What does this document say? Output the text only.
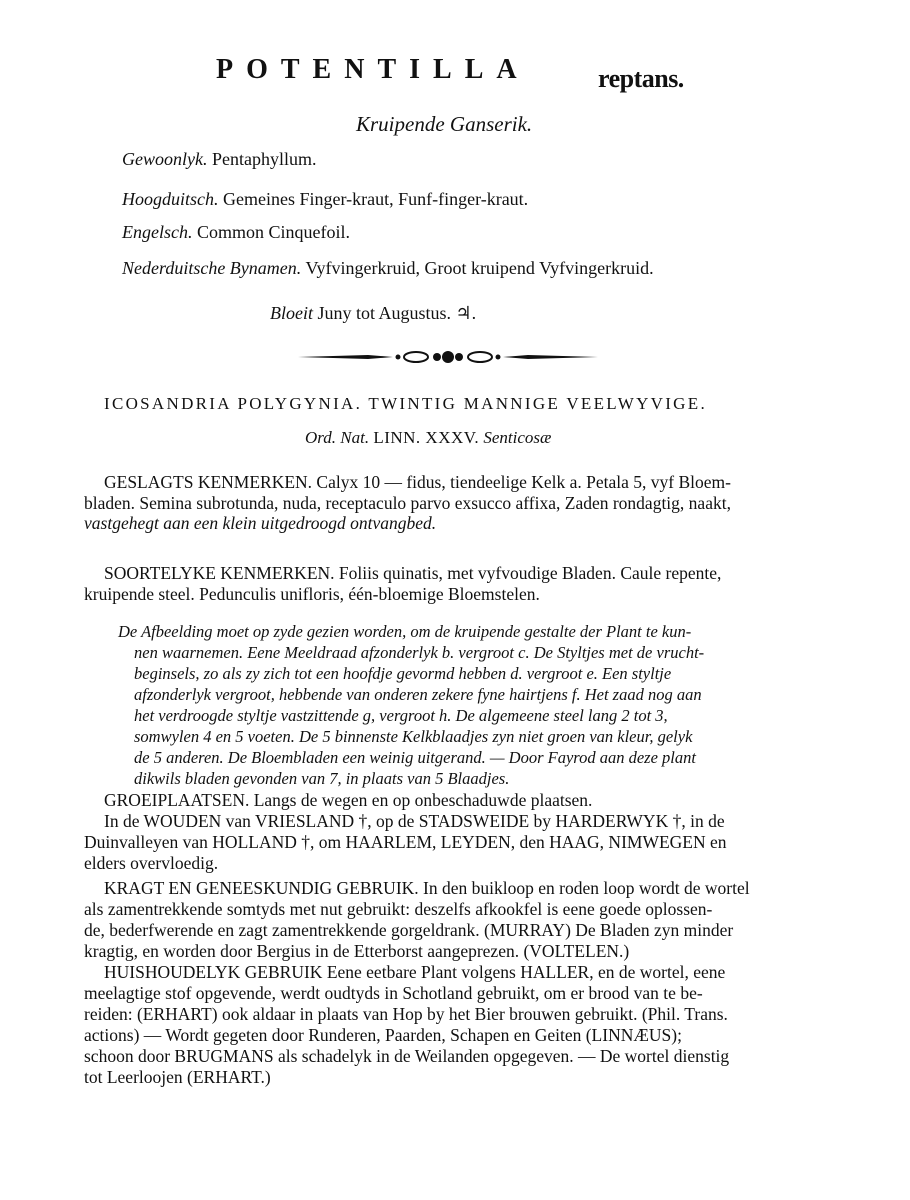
POTENTILLA	reptans.
Kruipende Ganserik.
Gewoonlyk. Pentaphyllum.
Hoogduitsch. Gemeines Finger-kraut, Funf-finger-kraut.
Engelsch. Common Cinquefoil.
Nederduitsche Bynamen. Vyfvingerkruid, Groot kruipend Vyfvingerkruid.
Bloeit Juny tot Augustus. ♃.
ICOSANDRIA POLYGYNIA. TWINTIG MANNIGE VEELWYVIGE.
Ord. Nat. LINN. XXXV. Senticosæ
GESLAGTS KENMERKEN. Calyx 10 — fidus, tiendeelige Kelk a. Petala 5, vyf Bloem-
bladen. Semina subrotunda, nuda, receptaculo parvo exsucco affixa, Zaden rondagtig, naakt,
vastgehegt aan een klein uitgedroogd ontvangbed.
SOORTELYKE KENMERKEN. Foliis quinatis, met vyfvoudige Bladen. Caule repente,
kruipende steel. Pedunculis unifloris, één-bloemige Bloemstelen.
De Afbeelding moet op zyde gezien worden, om de kruipende gestalte der Plant te kun-
nen waarnemen. Eene Meeldraad afzonderlyk b. vergroot c. De Styltjes met de vrucht-
beginsels, zo als zy zich tot een hoofdje gevormd hebben d. vergroot e. Een styltje
afzonderlyk vergroot, hebbende van onderen zekere fyne hairtjens f. Het zaad nog aan
het verdroogde styltje vastzittende g, vergroot h. De algemeene steel lang 2 tot 3,
somwylen 4 en 5 voeten. De 5 binnenste Kelkblaadjes zyn niet groen van kleur, gelyk
de 5 anderen. De Bloembladen een weinig uitgerand. — Door Fayrod aan deze plant
dikwils bladen gevonden van 7, in plaats van 5 Blaadjes.
GROEIPLAATSEN. Langs de wegen en op onbeschaduwde plaatsen.
In de WOUDEN van VRIESLAND †, op de STADSWEIDE by HARDERWYK †, in de
Duinvalleyen van HOLLAND †, om HAARLEM, LEYDEN, den HAAG, NIMWEGEN en
elders overvloedig.
KRAGT EN GENEESKUNDIG GEBRUIK. In den buikloop en roden loop wordt de wortel
als zamentrekkende somtyds met nut gebruikt: deszelfs afkookfel is eene goede oplossen-
de, bederfwerende en zagt zamentrekkende gorgeldrank. (MURRAY) De Bladen zyn minder
kragtig, en worden door Bergius in de Etterborst aangeprezen. (VOLTELEN.)
HUISHOUDELYK GEBRUIK Eene eetbare Plant volgens HALLER, en de wortel, eene
meelagtige stof opgevende, werdt oudtyds in Schotland gebruikt, om er brood van te be-
reiden: (ERHART) ook aldaar in plaats van Hop by het Bier brouwen gebruikt. (Phil. Trans.
actions) — Wordt gegeten door Runderen, Paarden, Schapen en Geiten (LINNÆUS);
schoon door BRUGMANS als schadelyk in de Weilanden opgegeven. — De wortel dienstig
tot Leerloojen (ERHART.)
